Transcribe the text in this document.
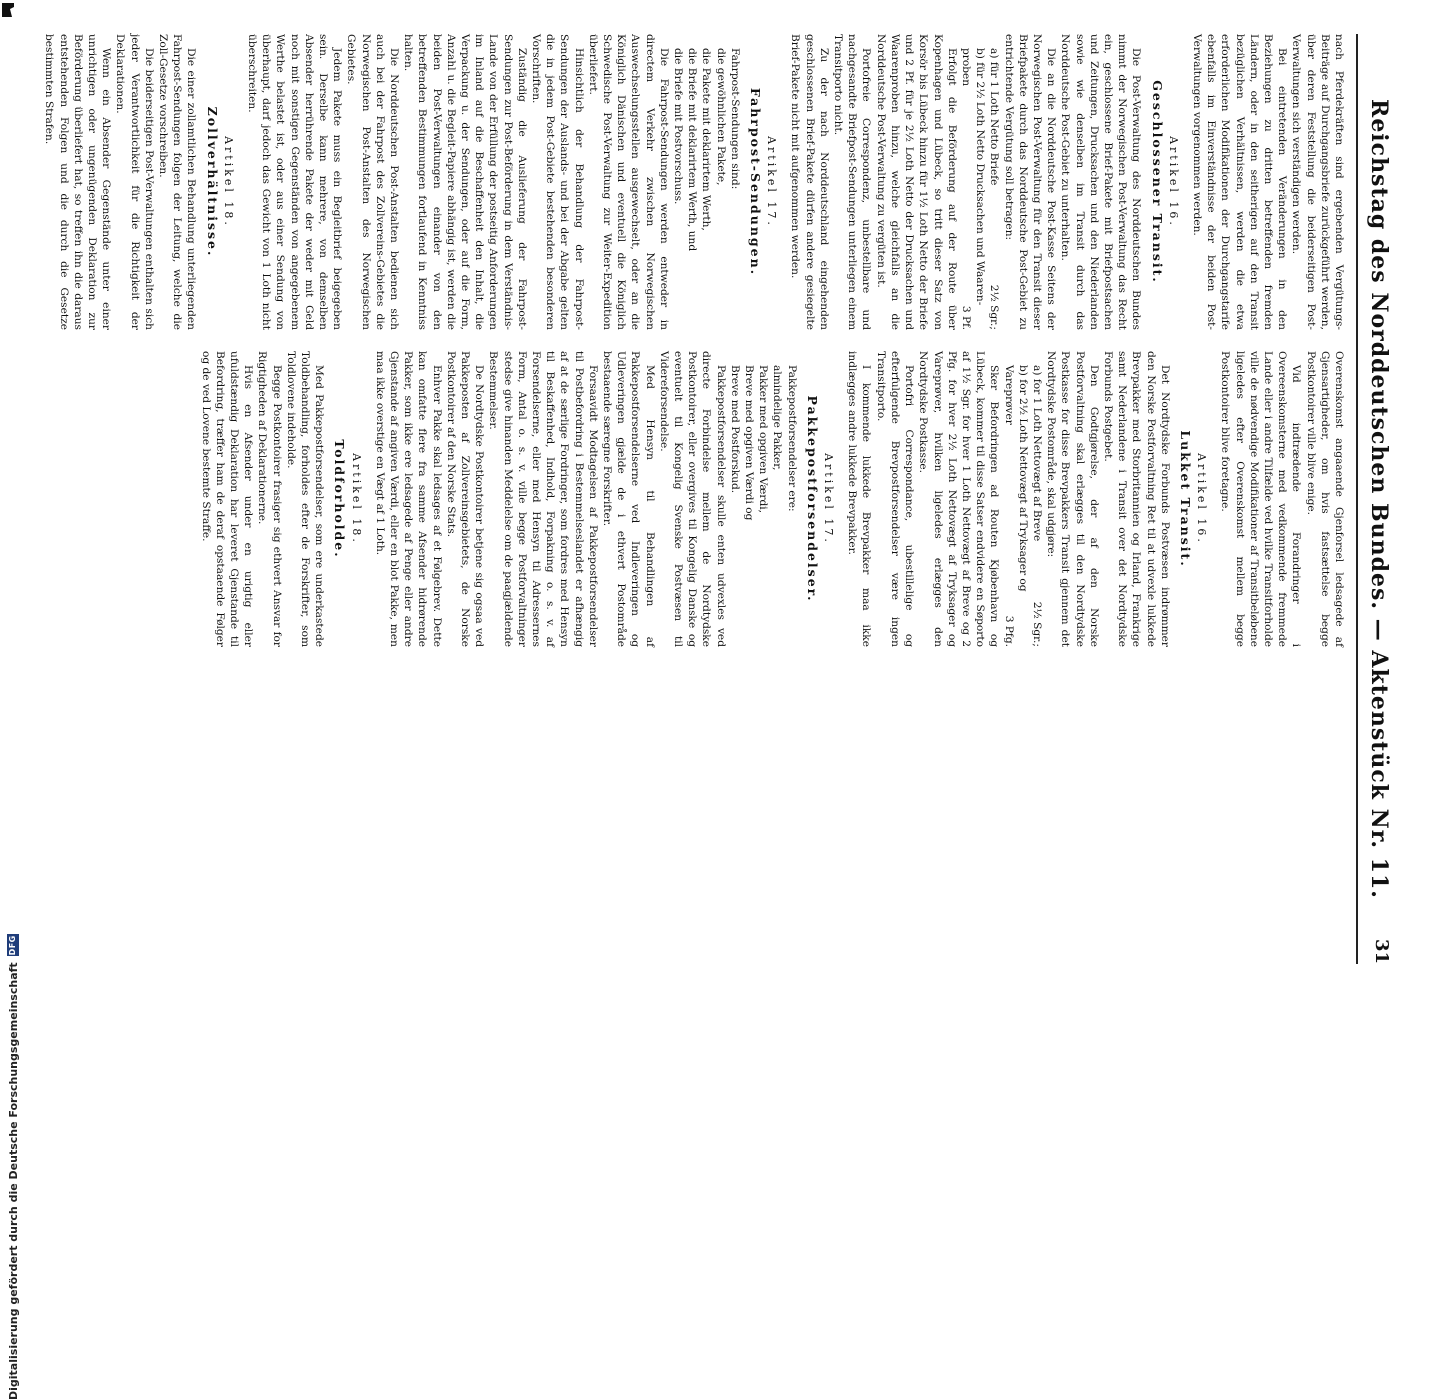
Digitalisierung gefördert durch die Deutsche Forschungsgemeinschaft
DFG
Reichstag des Norddeutschen Bundes. — Aktenstück Nr. 11.
31

nach Pferdekräften sind ergebenden Vergütungs-Beiträge auf Durchgangsbriefe zurückgeführt werden, über deren Feststellung die beiderseitigen Post-Verwaltungen sich verständigen werden.

Bei eintretenden Veränderungen in den Beziehungen zu dritten betreffenden fremden Ländern, oder in den seitherigen auf den Transit bezüglichen Verhältnissen, werden die etwa erforderlichen Modifikationen der Durchgangstarife ebenfalls im Einverständnisse der beiden Post-Verwaltungen vorgenommen werden.

Artikel 16.
Geschlossener Transit.

Die Post-Verwaltung des Norddeutschen Bundes nimmt der Norwegischen Post-Verwaltung das Recht ein, geschlossene Brief-Pakete mit Briefpostsachen und Zeitungen, Drucksachen und den Niederlanden sowie wie denselben im Transit durch das Norddeutsche Post-Gebiet zu unterhalten.

Die an die Norddeutsche Post-Kasse Seitens der Norwegischen Post-Verwaltung für den Transit dieser Briefpakete durch das Norddeutsche Post-Gebiet zu entrichtende Vergütung soll betragen:

a) für 1 Loth Netto Briefe
2½ Sgr.;
b) für 2½ Loth Netto Drucksachen und Waaren-
proben
3 Pf.

Erfolgt die Beförderung auf der Route über Kopenhagen und Lübeck, so tritt dieser Satz von Korsör bis Lübeck hinzu für 1½ Loth Netto der Briefe und 2 Pf. für je 2½ Loth Netto der Drucksachen und Waarenproben hinzu, welche gleichfalls an die Norddeutsche Post-Verwaltung zu vergüten ist.

Portofreie Correspondenz, unbestellbare und nachgesandte Briefpost-Sendungen unterliegen einem Transitporto nicht.

Zu der nach Norddeutschland eingehenden geschlossenen Brief-Pakete dürfen andere gesiegelte Brief-Pakete nicht mit aufgenommen werden.

Artikel 17.
Fahrpost-Sendungen.

Fahrpost-Sendungen sind:

die gewöhnlichen Pakete,
die Pakete mit deklarirtem Werth,
die Briefe mit deklarirtem Werth, und
die Briefe mit Postvorschuss.

Die Fahrpost-Sendungen werden entweder in directem Verkehr zwischen Norwegischen Auswechselungsstellen ausgewechselt, oder an die Königlich Dänischen und eventuell die Königlich Schwedische Post-Verwaltung zur Weiter-Expedition überliefert.

Hinsichtlich der Behandlung der Fahrpost-Sendungen der Auslands- und bei der Abgabe gelten die in jedem Post-Gebiete bestehenden besonderen Vorschriften.

Zuständig die Auslieferung der Fahrpost-Sendungen zur Post-Beförderung in dem Verständnis-Lande von der Erfüllung der postseitig Anforderungen im Inland auf die Beschaffenheit den Inhalt, die Verpackung u. der Sendungen, oder auf die Form, Anzahl u. die Begleit-Papiere abhängig ist, werden die beiden Post-Verwaltungen einander von den betreffenden Bestimmungen fortlaufend in Kenntniss halten.

Die Norddeutschen Post-Anstalten bedienen sich auch bei der Fahrpost des Zollvereins-Gebietes die Norwegischen Post-Anstalten des Norwegischen Gebietes.

Jedem Pakete muss ein Begleitbrief beigegeben sein. Derselbe kann mehrere, von demselben Absender herrührende Pakete der weder mit Geld noch mit sonstigen Gegenständen von angegebenem Werthe belastet ist, oder aus einer Sendung von überhaupt, darf jedoch das Gewicht von 1 Loth nicht überschreiten.

Artikel 18.
Zollverhältnisse.

Die einer zollamtlichen Behandlung unterliegenden Fahrpost-Sendungen folgen der Leitung, welche die Zoll-Gesetze vorschreiben.

Die beiderseitigen Post-Verwaltungen enthalten sich jeder Verantwortlichkeit für die Richtigkeit der Deklarationen.

Wenn ein Absender Gegenstände unter einer unrichtigen oder ungenügenden Deklaration zur Beförderung überliefert hat, so treffen ihn die daraus entstehenden Folgen und die durch die Gesetze bestimmten Strafen.

Overenskomst angaaende Gjenforsel ledsagede af Gjensartigheder, om hvis fastsættelse begge Postkontoirer ville blive enige.

Vid indtrædende Forandringer i Overeenskomsterne med vedkommende fremmede Lande eller i andre Tilfælde ved hvilke Transitforholde ville de nødvendige Modifikationer af Transitbeløbene ligeledes efter Overenskomst mellem begge Postkontoirer blive foretagne.

Artikel 16.
Lukket Transit.

Det Nordtydske Forbunds Postvæsen indrømmer den Norske Postforvaltning Ret til at udvexle lukkede Brevpakker med Storbritannien og Irland, Frankrige samt Nederlandene i Transit over det Nordtydske Forbunds Postgebet.

Den Godtgjørelse, der af den Norske Postforvaltning skal erlægges til den Nordtydske Postkasse for disse Brevpakkers Transit gjennem det Nordtydske Postområde, skal udgjøre:

a) for 1 Loth Nettovægt af Breve
2½ Sgr.;
b) for 2½ Loth Nettovægt af Tryksager og
Vareprøver
3 Pfg.

Sker Befordringen ad Routen Kjøbenhavn og Lübeck, kommer til disse Satser endvidere en Søporto af 1½ Sgr. for hver 1 Loth Nettovægt af Breve og 2 Pfg. for hver 2½ Loth Nettovægt af Tryksager og Vareprøver, hvilken ligeledes erlægges den Nordtydske Postkasse.

Portofri Correspondance, ubestillelige og efterfulgende Brevpostforsendelser være ingen Transitporto.

I kommende lukkede Brevpakker maa ikke indlægges andre lukkede Brevpakker.

Artikel 17.
Pakkepostforsendelser.

Pakkepostforsendelser ere:

almindelige Pakker,
Pakker med opgiven Værdi,
Breve med opgiven Værdi og
Breve med Postforskud.

Pakkepostforsendelser skulle enten udvexles ved directe Forbindelse mellem de Nordtydske Postkontoirer, eller overgives til Kongelig Danske og eventuelt til Kongelig Svenske Postvæsen til Videreforsendelse.

Med Hensyn til Behandlingen af Pakkepostforsendelserne ved Indleveringen og Udleveringen gjælde de i ethvert Postområde bestaaende særegne Forskrifter.

Forsaavidt Modtagelsen af Pakkepostforsendelser til Postbefordring i Bestemmelseslandet er afhængig af at de særlige Fordringer, som fordres med Hensyn til Beskaffenhed, Indhold, Forpakning o. s. v. af Forsendelserne, eller med Hensyn til Adressernes Form, Antal o. s. v. ville begge Postforvaltninger stedse give hinanden Meddelelse om de paagjældende Bestemmelser.

De Nordtydske Postkontoirer betjene sig ogsaa ved Pakkeposten af Zollvereinsgebietets, de Norske Postkontoirer af den Norske Stats.

Enhver Pakke skal ledsages af et Følgebrev. Dette kan omfatte flere fra samme Afsender hidrørende Pakker, som ikke ere ledsagede af Penge eller andre Gjenstande af angiven Værdi, eller en blot Pakke, men maa ikke overstige en Vægt af 1 Loth.

Artikel 18.
Toldforholde.

Med Pakkepostforsendelser, som ere underkastede Toldbehandling, forholdes efter de Forskrifter, som Toldlovene indeholde.

Begge Postkontoirer frasiger sig ethvert Ansvar for Rigtigheden af Deklarationerne.

Hvis en Afsender under en urigtig eller ufuldstændig Deklaration har leveret Gjenstande til Befordring, træffer ham de deraf opstaaende Følger og de ved Lovene bestemte Straffe.
